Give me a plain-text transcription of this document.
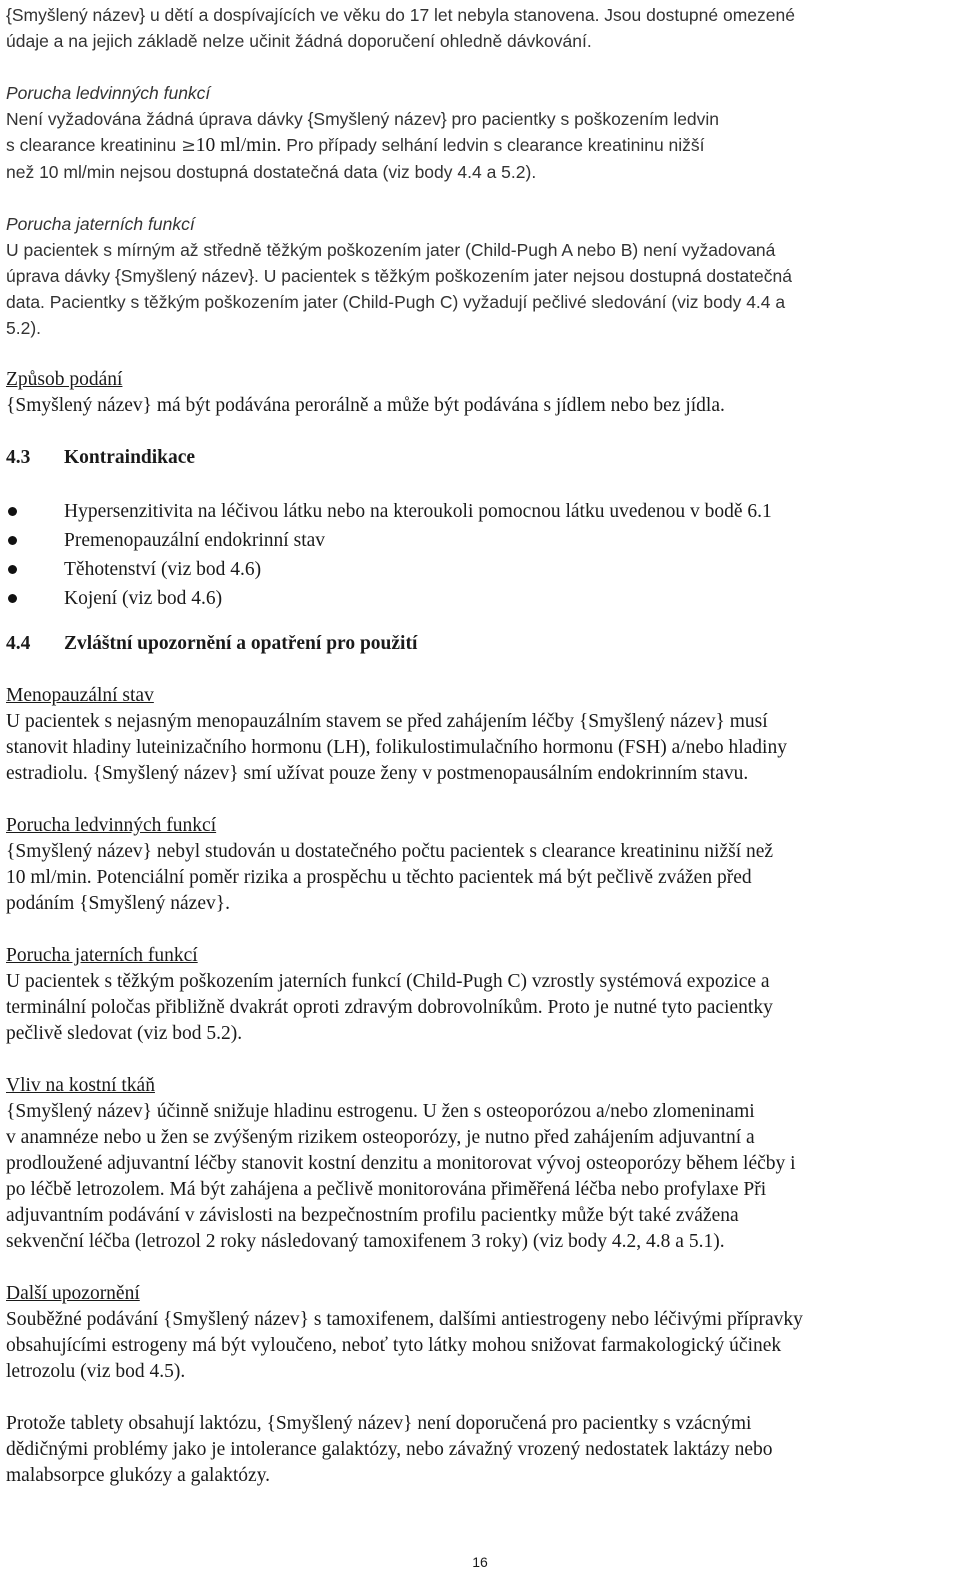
{Smyšlený název} u dětí a dospívajících ve věku do 17 let nebyla stanovena. Jsou dostupné omezené
údaje a na jejich základě nelze učinit žádná doporučení ohledně dávkování.

Porucha ledvinných funkcí

Není vyžadována žádná úprava dávky {Smyšlený název} pro pacientky s poškozením ledvin
s clearance kreatininu ≥10 ml/min. Pro případy selhání ledvin s clearance kreatininu nižší
než 10 ml/min nejsou dostupná dostatečná data (viz body 4.4 a 5.2).

Porucha jaterních funkcí

U pacientek s mírným až středně těžkým poškozením jater (Child-Pugh A nebo B) není vyžadovaná
úprava dávky {Smyšlený název}. U pacientek s těžkým poškozením jater nejsou dostupná dostatečná
data. Pacientky s těžkým poškozením jater (Child-Pugh C) vyžadují pečlivé sledování (viz body 4.4 a
5.2).

Způsob podání

{Smyšlený název} má být podávána perorálně a může být podávána s jídlem nebo bez jídla.

4.3	Kontraindikace
Hypersenzitivita na léčivou látku nebo na kteroukoli pomocnou látku uvedenou v bodě 6.1
Premenopauzální endokrinní stav
Těhotenství (viz bod 4.6)
Kojení (viz bod 4.6)
4.4	Zvláštní upozornění a opatření pro použití

Menopauzální stav

U pacientek s nejasným menopauzálním stavem se před zahájením léčby {Smyšlený název} musí
stanovit hladiny luteinizačního hormonu (LH), folikulostimulačního hormonu (FSH) a/nebo hladiny
estradiolu. {Smyšlený název} smí užívat pouze ženy v postmenopausálním endokrinním stavu.

Porucha ledvinných funkcí

{Smyšlený název} nebyl studován u dostatečného počtu pacientek s clearance kreatininu nižší než
10 ml/min. Potenciální poměr rizika a prospěchu u těchto pacientek má být pečlivě zvážen před
podáním {Smyšlený název}.

Porucha jaterních funkcí

U pacientek s těžkým poškozením jaterních funkcí (Child-Pugh C) vzrostly systémová expozice a
terminální poločas přibližně dvakrát oproti zdravým dobrovolníkům. Proto je nutné tyto pacientky
pečlivě sledovat (viz bod 5.2).

Vliv na kostní tkáň

{Smyšlený název} účinně snižuje hladinu estrogenu. U žen s osteoporózou a/nebo zlomeninami
v anamnéze nebo u žen se zvýšeným rizikem osteoporózy, je nutno před zahájením adjuvantní a
prodloužené adjuvantní léčby stanovit kostní denzitu a monitorovat vývoj osteoporózy během léčby i
po léčbě letrozolem. Má být zahájena a pečlivě monitorována přiměřená léčba nebo profylaxe Při
adjuvantním podávání v závislosti na bezpečnostním profilu pacientky může být také zvážena
sekvenční léčba (letrozol 2 roky následovaný tamoxifenem 3 roky) (viz body 4.2, 4.8 a 5.1).

Další upozornění

Souběžné podávání {Smyšlený název} s tamoxifenem, dalšími antiestrogeny nebo léčivými přípravky
obsahujícími estrogeny má být vyloučeno, neboť tyto látky mohou snižovat farmakologický účinek
letrozolu (viz bod 4.5).

Protože tablety obsahují laktózu, {Smyšlený název} není doporučená pro pacientky s vzácnými
dědičnými problémy jako je intolerance galaktózy, nebo závažný vrozený nedostatek laktázy nebo
malabsorpce glukózy a galaktózy.

16
